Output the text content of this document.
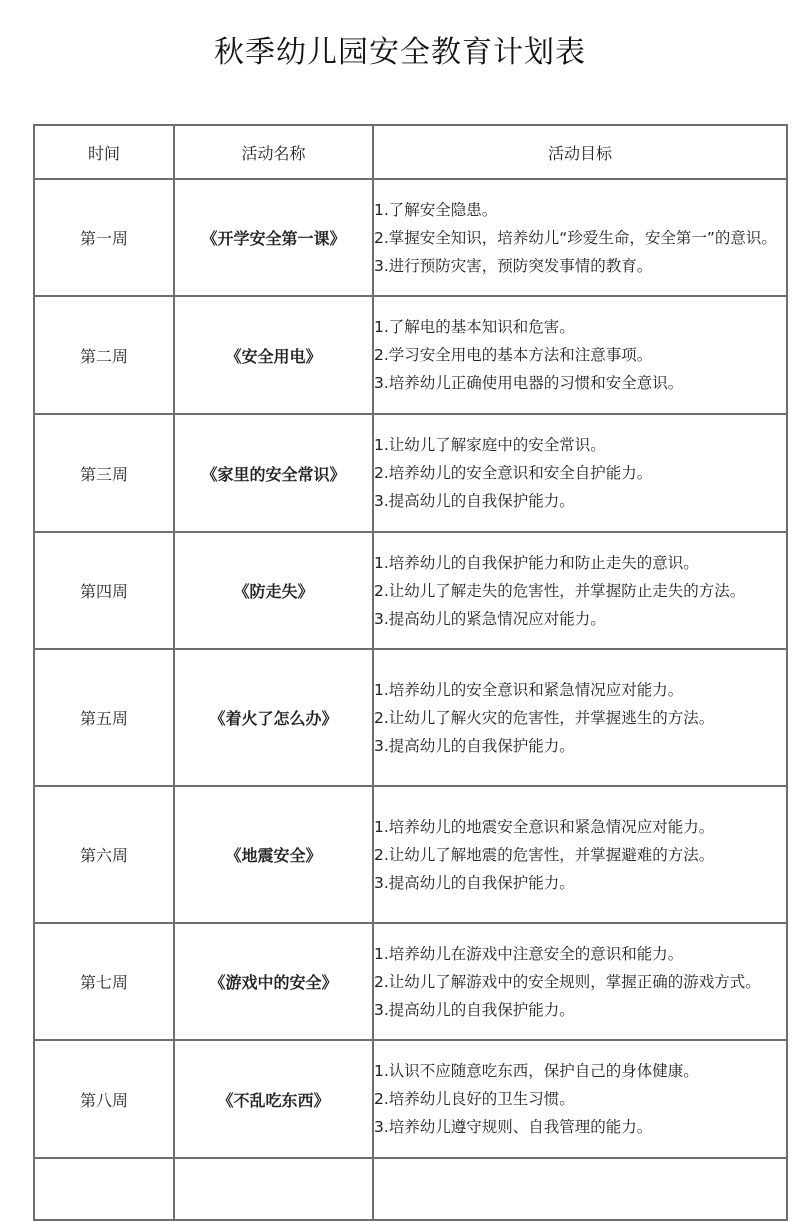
秋季幼儿园安全教育计划表
时间	活动名称	活动目标
第一周	《开学安全第一课》	1.了解安全隐患。
2.掌握安全知识，培养幼儿“珍爱生命，安全第一”的意识。
3.进行预防灾害，预防突发事情的教育。

第二周	《安全用电》	1.了解电的基本知识和危害。
2.学习安全用电的基本方法和注意事项。
3.培养幼儿正确使用电器的习惯和安全意识。

第三周	《家里的安全常识》	1.让幼儿了解家庭中的安全常识。
2.培养幼儿的安全意识和安全自护能力。
3.提高幼儿的自我保护能力。

第四周	《防走失》	1.培养幼儿的自我保护能力和防止走失的意识。
2.让幼儿了解走失的危害性，并掌握防止走失的方法。
3.提高幼儿的紧急情况应对能力。

第五周	《着火了怎么办》	1.培养幼儿的安全意识和紧急情况应对能力。
2.让幼儿了解火灾的危害性，并掌握逃生的方法。
3.提高幼儿的自我保护能力。

第六周	《地震安全》	1.培养幼儿的地震安全意识和紧急情况应对能力。
2.让幼儿了解地震的危害性，并掌握避难的方法。
3.提高幼儿的自我保护能力。

第七周	《游戏中的安全》	1.培养幼儿在游戏中注意安全的意识和能力。
2.让幼儿了解游戏中的安全规则，掌握正确的游戏方式。
3.提高幼儿的自我保护能力。

第八周	《不乱吃东西》	1.认识不应随意吃东西，保护自己的身体健康。
2.培养幼儿良好的卫生习惯。
3.培养幼儿遵守规则、自我管理的能力。
